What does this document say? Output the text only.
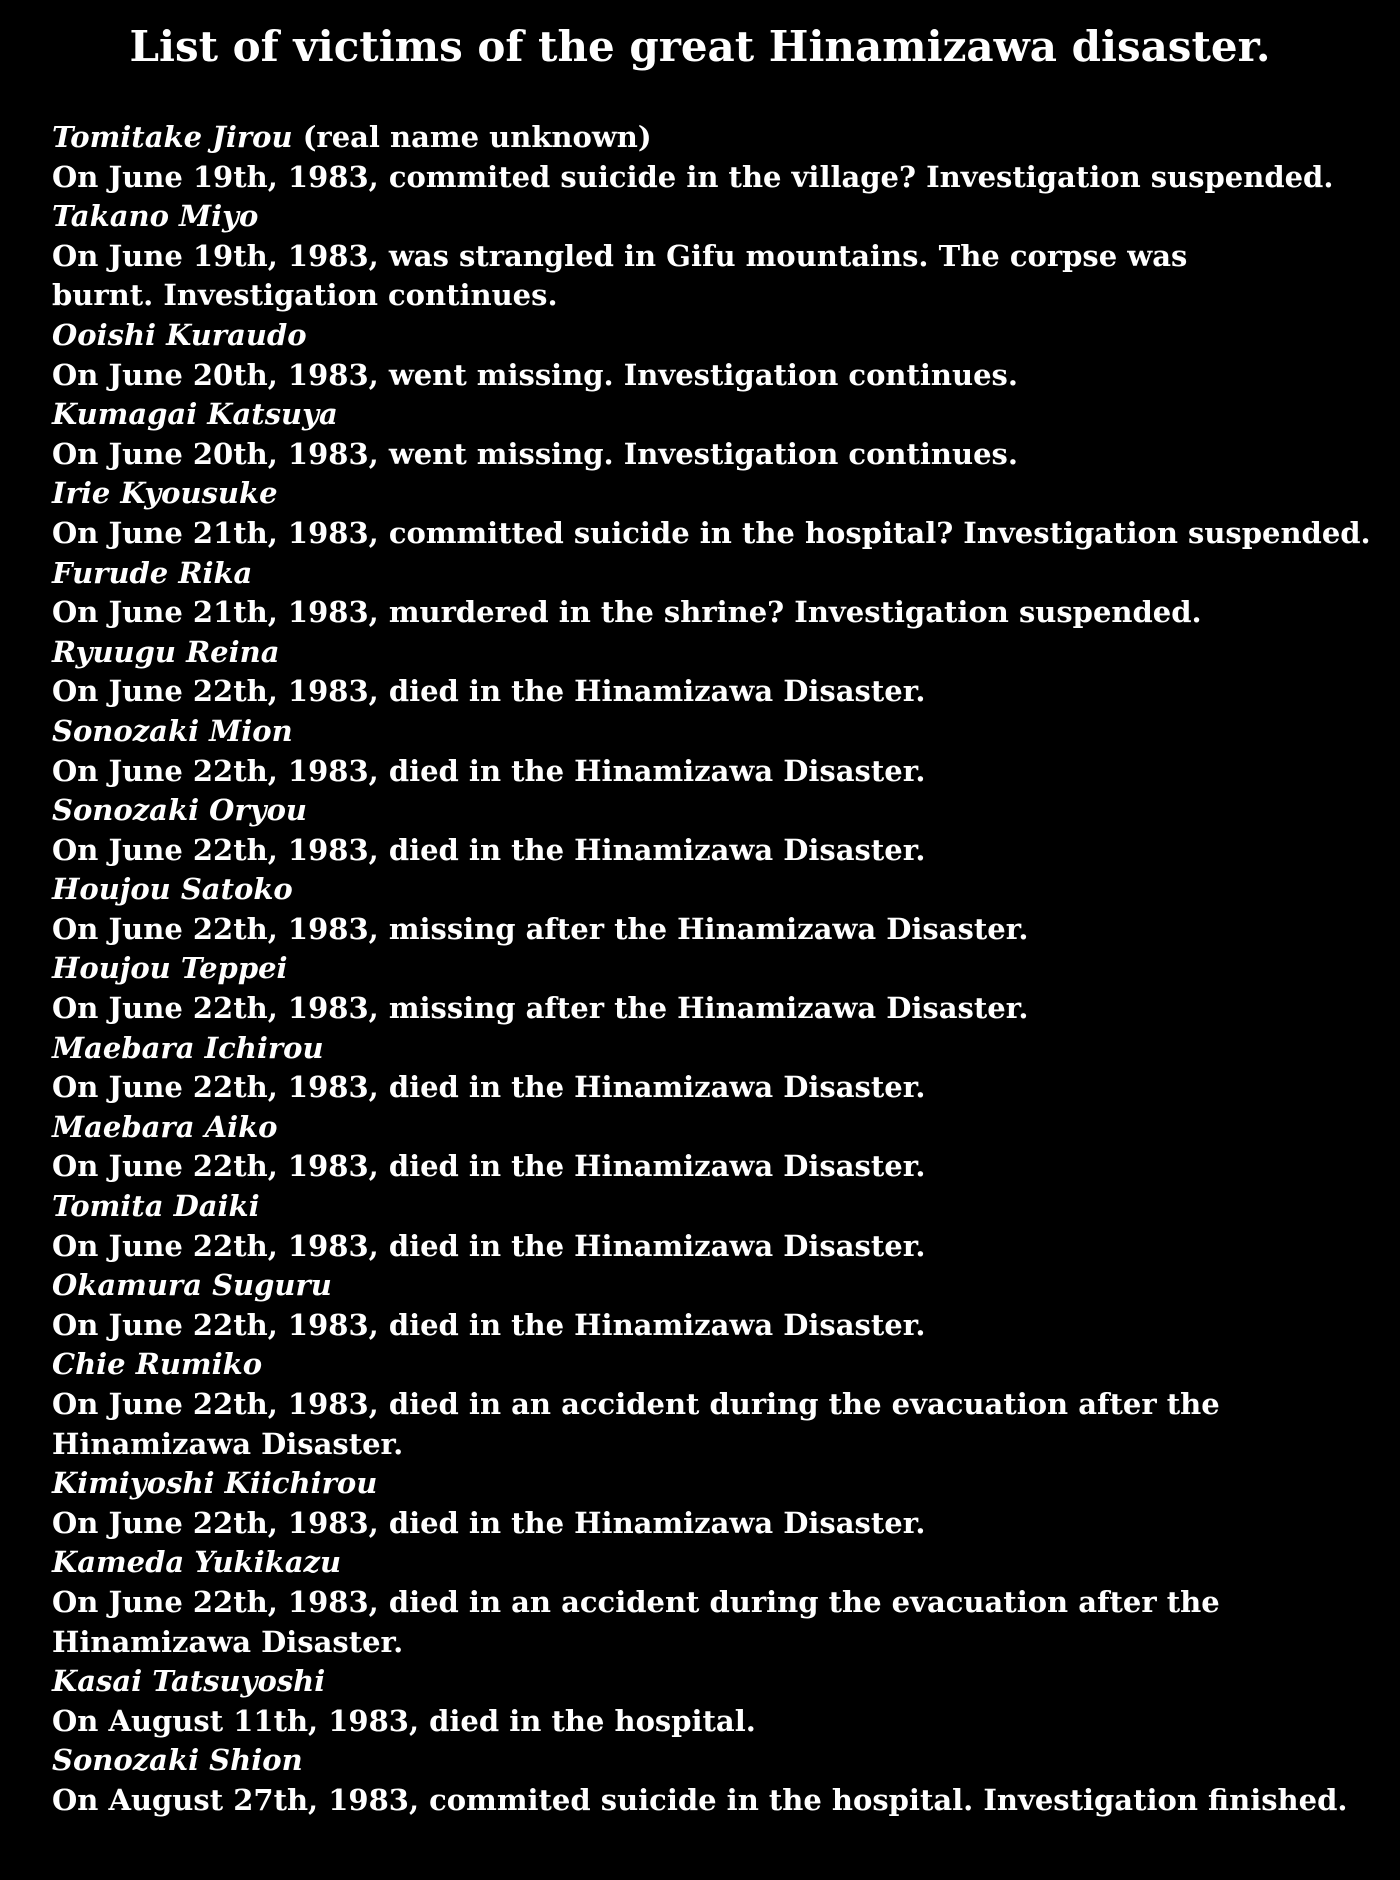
List of victims of the great Hinamizawa disaster.
Tomitake Jirou (real name unknown)
On June 19th, 1983, commited suicide in the village? Investigation suspended.
Takano Miyo
On June 19th, 1983, was strangled in Gifu mountains. The corpse was burnt. Investigation continues.
Ooishi Kuraudo
On June 20th, 1983, went missing. Investigation continues.
Kumagai Katsuya
On June 20th, 1983, went missing. Investigation continues.
Irie Kyousuke
On June 21th, 1983, committed suicide in the hospital? Investigation suspended.
Furude Rika
On June 21th, 1983, murdered in the shrine? Investigation suspended.
Ryuugu Reina
On June 22th, 1983, died in the Hinamizawa Disaster.
Sonozaki Mion
On June 22th, 1983, died in the Hinamizawa Disaster.
Sonozaki Oryou
On June 22th, 1983, died in the Hinamizawa Disaster.
Houjou Satoko
On June 22th, 1983, missing after the Hinamizawa Disaster.
Houjou Teppei
On June 22th, 1983, missing after the Hinamizawa Disaster.
Maebara Ichirou
On June 22th, 1983, died in the Hinamizawa Disaster.
Maebara Aiko
On June 22th, 1983, died in the Hinamizawa Disaster.
Tomita Daiki
On June 22th, 1983, died in the Hinamizawa Disaster.
Okamura Suguru
On June 22th, 1983, died in the Hinamizawa Disaster.
Chie Rumiko
On June 22th, 1983, died in an accident during the evacuation after the Hinamizawa Disaster.
Kimiyoshi Kiichirou
On June 22th, 1983, died in the Hinamizawa Disaster.
Kameda Yukikazu
On June 22th, 1983, died in an accident during the evacuation after the Hinamizawa Disaster.
Kasai Tatsuyoshi
On August 11th, 1983, died in the hospital.
Sonozaki Shion
On August 27th, 1983, commited suicide in the hospital. Investigation finished.
